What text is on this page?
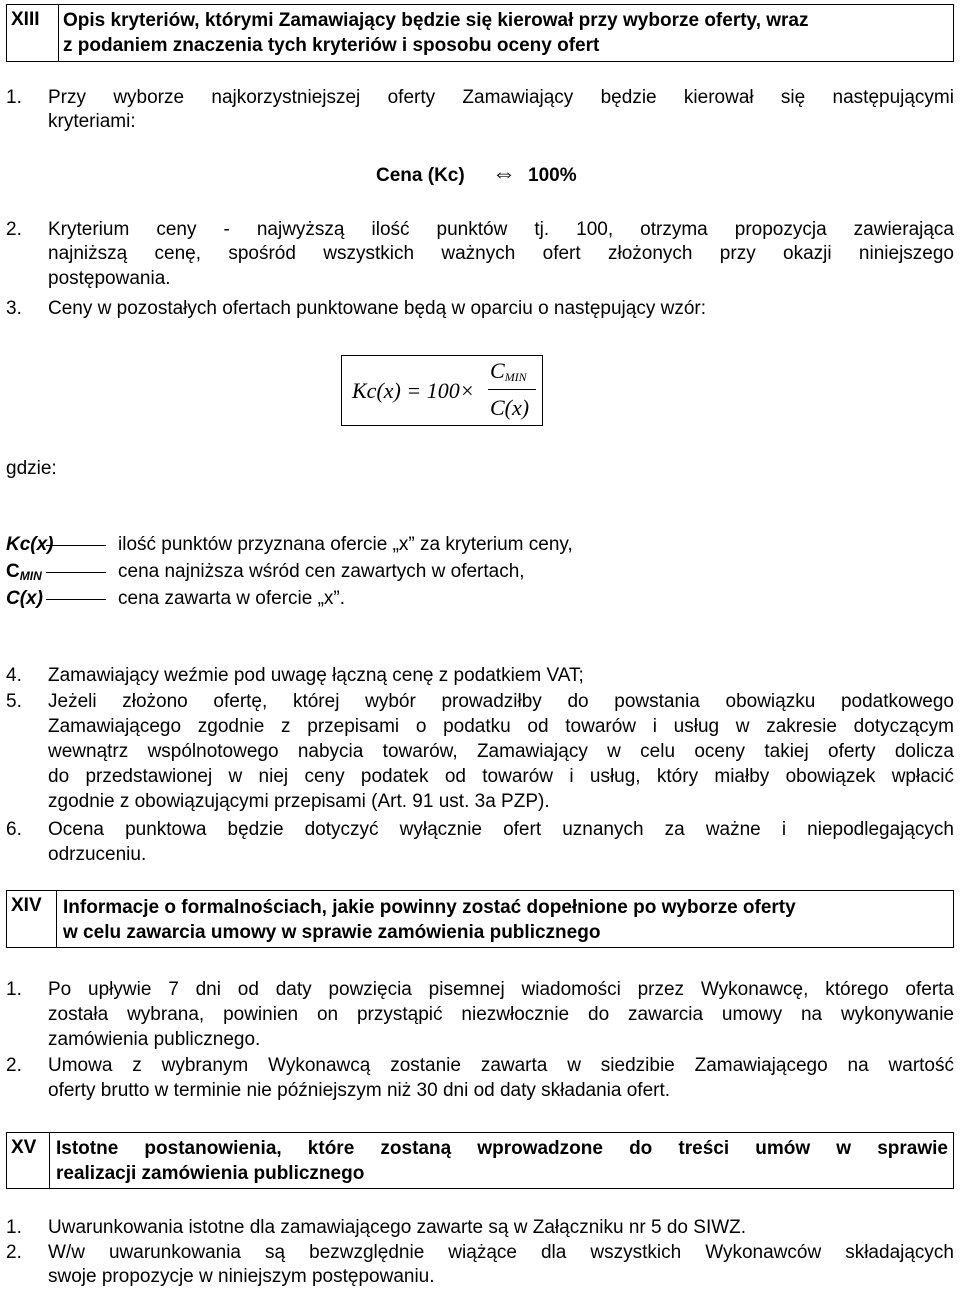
XIII	Opis kryteriów, którymi Zamawiający będzie się kierował przy wyborze oferty, wraz
z podaniem znaczenia tych kryteriów i sposobu oceny ofert
1. Przy wyborze najkorzystniejszej oferty Zamawiający będzie kierował się następującymi
kryteriami:
Cena (Kc) ⇔ 100%
2. Kryterium ceny - najwyższą ilość punktów tj. 100, otrzyma propozycja zawierająca
najniższą cenę, spośród wszystkich ważnych ofert złożonych przy okazji niniejszego
postępowania.
3. Ceny w pozostałych ofertach punktowane będą w oparciu o następujący wzór:
Kc(x) = 100×
CMIN
C(x)
gdzie:
Kc(x)	ilość punktów przyznana ofercie „x” za kryterium ceny,
CMIN	cena najniższa wśród cen zawartych w ofertach,
C(x)	cena zawarta w ofercie „x”.
4. Zamawiający weźmie pod uwagę łączną cenę z podatkiem VAT;
5. Jeżeli złożono ofertę, której wybór prowadziłby do powstania obowiązku podatkowego
Zamawiającego zgodnie z przepisami o podatku od towarów i usług w zakresie dotyczącym
wewnątrz wspólnotowego nabycia towarów, Zamawiający w celu oceny takiej oferty dolicza
do przedstawionej w niej ceny podatek od towarów i usług, który miałby obowiązek wpłacić
zgodnie z obowiązującymi przepisami (Art. 91 ust. 3a PZP).
6. Ocena punktowa będzie dotyczyć wyłącznie ofert uznanych za ważne i niepodlegających
odrzuceniu.
XIV	Informacje o formalnościach, jakie powinny zostać dopełnione po wyborze oferty
w celu zawarcia umowy w sprawie zamówienia publicznego
1. Po upływie 7 dni od daty powzięcia pisemnej wiadomości przez Wykonawcę, którego oferta
została wybrana, powinien on przystąpić niezwłocznie do zawarcia umowy na wykonywanie
zamówienia publicznego.
2. Umowa z wybranym Wykonawcą zostanie zawarta w siedzibie Zamawiającego na wartość
oferty brutto w terminie nie późniejszym niż 30 dni od daty składania ofert.
XV	Istotne postanowienia, które zostaną wprowadzone do treści umów w sprawie
realizacji zamówienia publicznego
1. Uwarunkowania istotne dla zamawiającego zawarte są w Załączniku nr 5 do SIWZ.
2. W/w uwarunkowania są bezwzględnie wiążące dla wszystkich Wykonawców składających
swoje propozycje w niniejszym postępowaniu.
